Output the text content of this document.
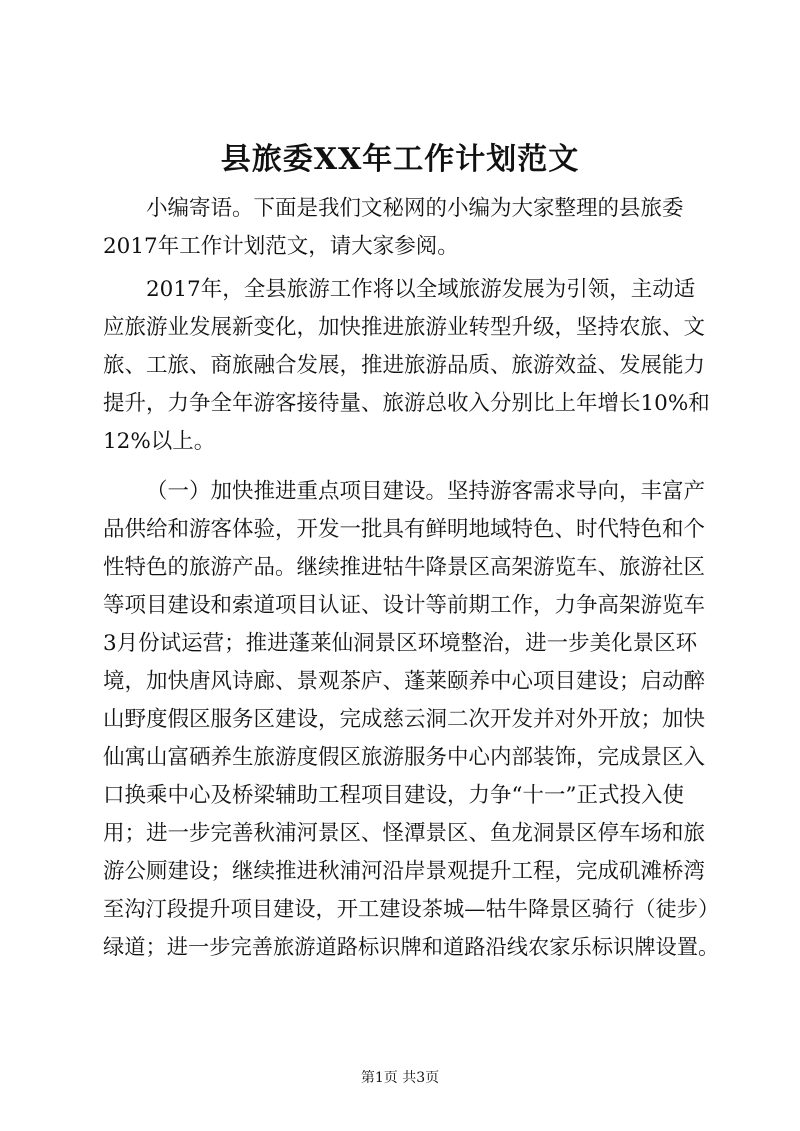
县旅委XX年工作计划范文
小编寄语。下面是我们文秘网的小编为大家整理的县旅委
2017年工作计划范文，请大家参阅。
2017年，全县旅游工作将以全域旅游发展为引领，主动适
应旅游业发展新变化，加快推进旅游业转型升级，坚持农旅、文
旅、工旅、商旅融合发展，推进旅游品质、旅游效益、发展能力
提升，力争全年游客接待量、旅游总收入分别比上年增长10%和
12%以上。
（一）加快推进重点项目建设。坚持游客需求导向，丰富产
品供给和游客体验，开发一批具有鲜明地域特色、时代特色和个
性特色的旅游产品。继续推进牯牛降景区高架游览车、旅游社区
等项目建设和索道项目认证、设计等前期工作，力争高架游览车
3月份试运营；推进蓬莱仙洞景区环境整治，进一步美化景区环
境，加快唐风诗廊、景观茶庐、蓬莱颐养中心项目建设；启动醉
山野度假区服务区建设，完成慈云洞二次开发并对外开放；加快
仙寓山富硒养生旅游度假区旅游服务中心内部装饰，完成景区入
口换乘中心及桥梁辅助工程项目建设，力争“十一”正式投入使
用；进一步完善秋浦河景区、怪潭景区、鱼龙洞景区停车场和旅
游公厕建设；继续推进秋浦河沿岸景观提升工程，完成矶滩桥湾
至沟汀段提升项目建设，开工建设茶城—牯牛降景区骑行（徒步）
绿道；进一步完善旅游道路标识牌和道路沿线农家乐标识牌设置。
第1页 共3页
